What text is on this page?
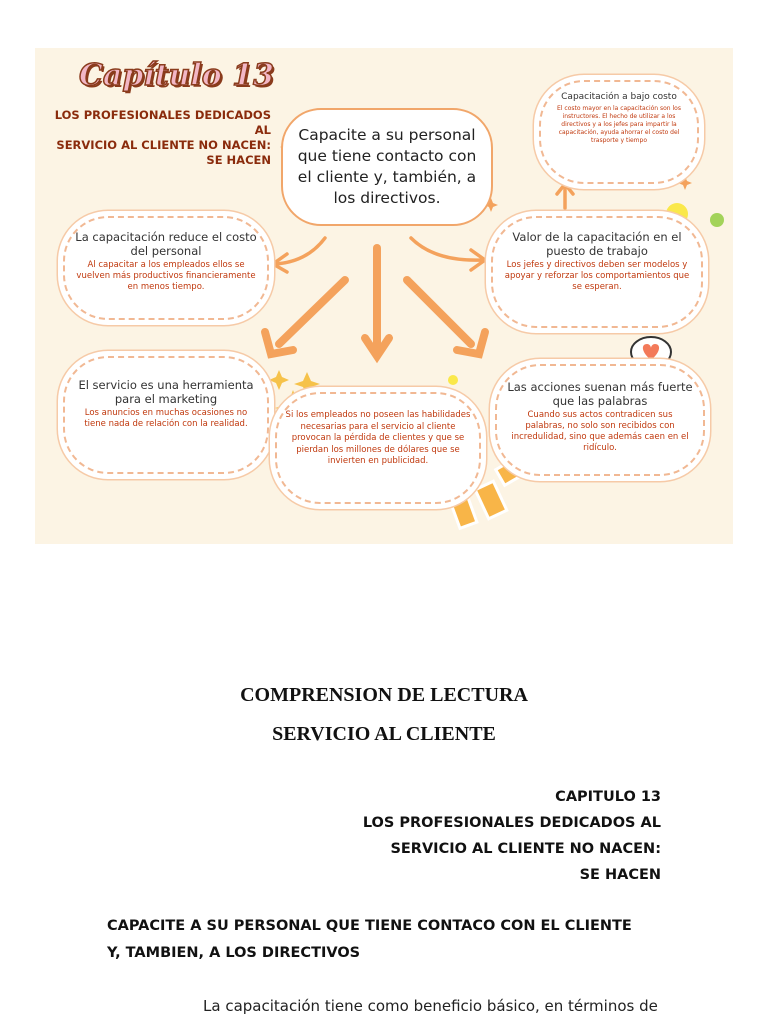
Capítulo 13

LOS PROFESIONALES DEDICADOS AL
SERVICIO AL CLIENTE NO NACEN:
SE HACEN

Capacite a su personal
que tiene contacto con
el cliente y, también, a
los directivos.
Capacitación a bajo costo
El costo mayor en la capacitación son los instructores. El hecho de utilizar a los directivos y a los jefes para impartir la capacitación, ayuda ahorrar el costo del trasporte y tiempo
La capacitación reduce el costo del personal
Al capacitar a los empleados ellos se vuelven más productivos financieramente en menos tiempo.
Valor de la capacitación en el puesto de trabajo
Los jefes y directivos deben ser modelos y apoyar y reforzar los comportamientos que se esperan.
El servicio es una herramienta para el marketing
Los anuncios en muchas ocasiones no tiene nada de relación con la realidad.
Si los empleados no poseen las habilidades necesarias para el servicio al cliente provocan la pérdida de clientes y que se pierdan los millones de dólares que se invierten en publicidad.
Las acciones suenan más fuerte que las palabras
Cuando sus actos contradicen sus palabras, no solo son recibidos con incredulidad, sino que además caen en el ridículo.
COMPRENSION DE LECTURA
SERVICIO AL CLIENTE

CAPITULO 13
LOS PROFESIONALES DEDICADOS AL
SERVICIO AL CLIENTE NO NACEN:
SE HACEN

CAPACITE A SU PERSONAL QUE TIENE CONTACO CON EL CLIENTE
Y, TAMBIEN, A LOS DIRECTIVOS

La capacitación tiene como beneficio básico, en términos de
